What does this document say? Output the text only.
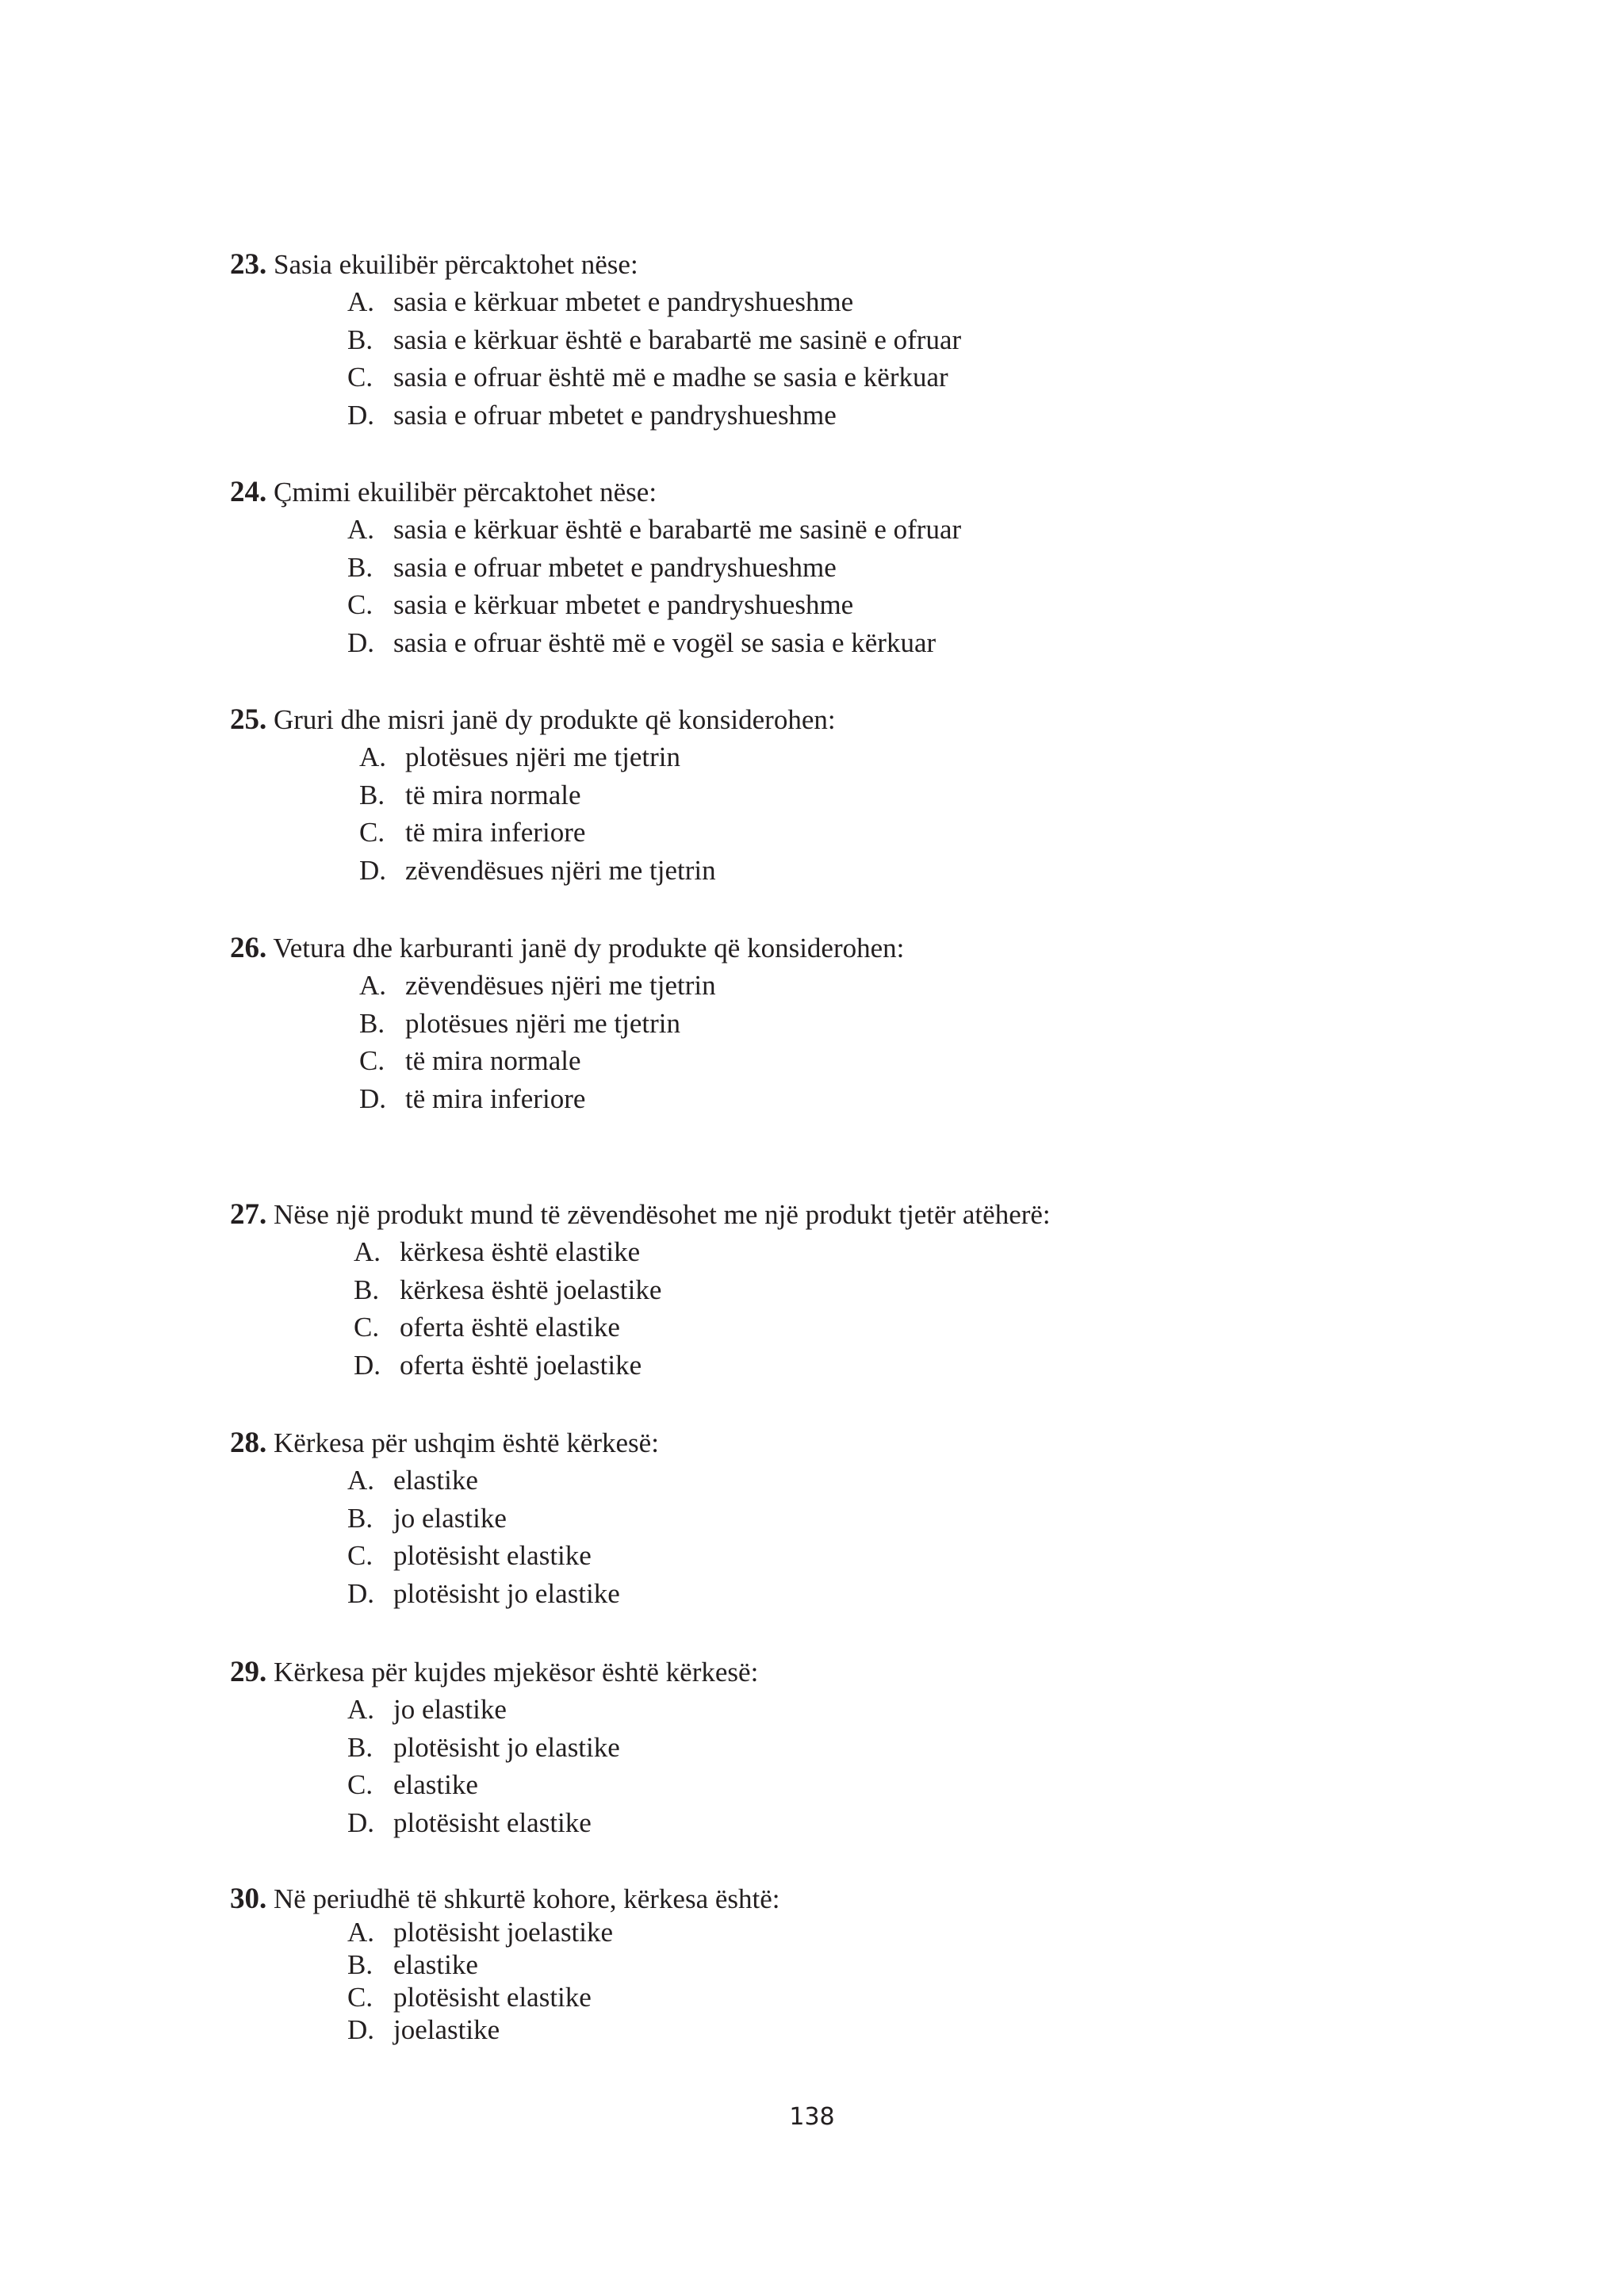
23. Sasia ekuilibër përcaktohet nëse:
A. sasia e kërkuar mbetet e pandryshueshme
B. sasia e kërkuar është e barabartë me sasinë e ofruar
C. sasia e ofruar është më e madhe se sasia e kërkuar
D. sasia e ofruar mbetet e pandryshueshme
24. Çmimi ekuilibër përcaktohet nëse:
A. sasia e kërkuar është e barabartë me sasinë e ofruar
B. sasia e ofruar mbetet e pandryshueshme
C. sasia e kërkuar mbetet e pandryshueshme
D. sasia e ofruar është më e vogël se sasia e kërkuar
25. Gruri dhe misri janë dy produkte që konsiderohen:
A. plotësues njëri me tjetrin
B. të mira normale
C. të mira inferiore
D. zëvendësues njëri me tjetrin
26. Vetura dhe karburanti janë dy produkte që konsiderohen:
A. zëvendësues njëri me tjetrin
B. plotësues njëri me tjetrin
C. të mira normale
D. të mira inferiore
27. Nëse një produkt mund të zëvendësohet me një produkt tjetër atëherë:
A. kërkesa është elastike
B. kërkesa është joelastike
C. oferta është elastike
D. oferta është joelastike
28. Kërkesa për ushqim është kërkesë:
A. elastike
B. jo elastike
C. plotësisht elastike
D. plotësisht jo elastike
29. Kërkesa për kujdes mjekësor është kërkesë:
A. jo elastike
B. plotësisht jo elastike
C. elastike
D. plotësisht elastike
30. Në periudhë të shkurtë kohore, kërkesa është:
A. plotësisht joelastike
B. elastike
C. plotësisht elastike
D. joelastike
138
